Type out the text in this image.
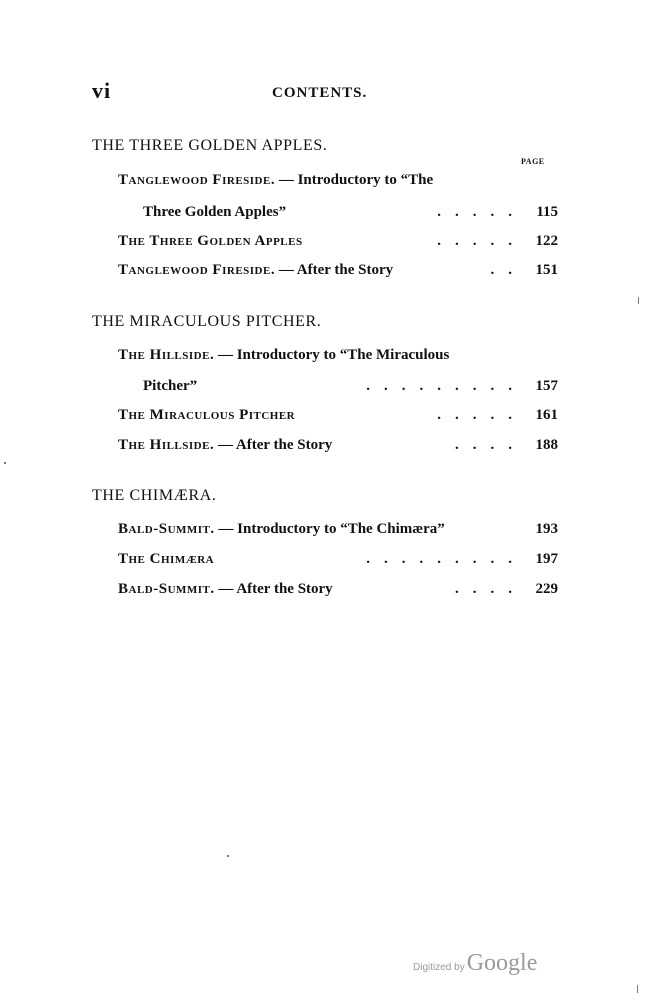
vi	CONTENTS.
THE THREE GOLDEN APPLES.
PAGE
Tanglewood Fireside. — Introductory to “The
Three Golden Apples”	..... 115
The Three Golden Apples	..... 122
Tanglewood Fireside. — After the Story	.. 151
THE MIRACULOUS PITCHER.
The Hillside. — Introductory to “The Miraculous
Pitcher”	......... 157
The Miraculous Pitcher	..... 161
The Hillside. — After the Story	.... 188
THE CHIMÆRA.
Bald-Summit. — Introductory to “The Chimæra”	193
The Chimæra	......... 197
Bald-Summit. — After the Story	.... 229
Digitized byGoogle
